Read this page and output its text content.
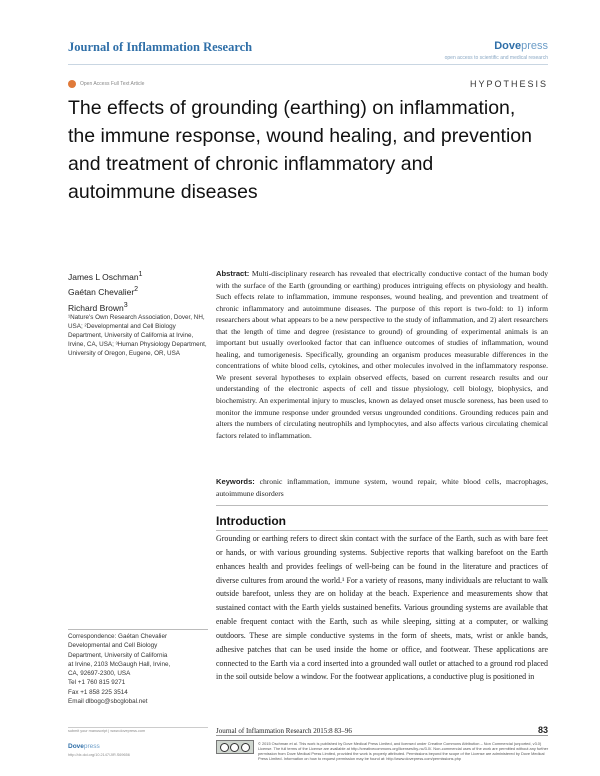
Journal of Inflammation Research	Dovepress
open access to scientific and medical research
Open Access Full Text Article	HYPOTHESIS
The effects of grounding (earthing) on inflammation, the immune response, wound healing, and prevention and treatment of chronic inflammatory and autoimmune diseases
James L Oschman$^1$
Gaétan Chevalier$^2$
Richard Brown$^3$
¹Nature's Own Research Association, Dover, NH, USA; ²Developmental and Cell Biology Department, University of California at Irvine, Irvine, CA, USA; ³Human Physiology Department, University of Oregon, Eugene, OR, USA
Abstract: Multi-disciplinary research has revealed that electrically conductive contact of the human body with the surface of the Earth (grounding or earthing) produces intriguing effects on physiology and health. Such effects relate to inflammation, immune responses, wound healing, and prevention and treatment of chronic inflammatory and autoimmune diseases. The purpose of this report is two-fold: to 1) inform researchers about what appears to be a new perspective to the study of inflammation, and 2) alert researchers that the length of time and degree (resistance to ground) of grounding of experimental animals is an important but usually overlooked factor that can influence outcomes of studies of inflammation, wound healing, and tumorigenesis. Specifically, grounding an organism produces measurable differences in the concentrations of white blood cells, cytokines, and other molecules involved in the inflammatory response. We present several hypotheses to explain observed effects, based on current research results and our understanding of the electronic aspects of cell and tissue physiology, cell biology, biophysics, and biochemistry. An experimental injury to muscles, known as delayed onset muscle soreness, has been used to monitor the immune response under grounded versus ungrounded conditions. Grounding reduces pain and alters the numbers of circulating neutrophils and lymphocytes, and also affects various circulating chemical factors related to inflammation.
Keywords: chronic inflammation, immune system, wound repair, white blood cells, macrophages, autoimmune disorders
Introduction
Grounding or earthing refers to direct skin contact with the surface of the Earth, such as with bare feet or hands, or with various grounding systems. Subjective reports that walking barefoot on the Earth enhances health and provides feelings of well-being can be found in the literature and practices of diverse cultures from around the world.¹ For a variety of reasons, many individuals are reluctant to walk outside barefoot, unless they are on holiday at the beach. Experience and measurements show that sustained contact with the Earth yields sustained benefits. Various grounding systems are available that enable frequent contact with the Earth, such as while sleeping, sitting at a computer, or walking outdoors. These are simple conductive systems in the form of sheets, mats, wrist or ankle bands, adhesive patches that can be used inside the home or office, and footwear. These applications are connected to the Earth via a cord inserted into a grounded wall outlet or attached to a ground rod placed in the soil outside below a window. For the footwear applications, a conductive plug is positioned in
Correspondence: Gaétan Chevalier
Developmental and Cell Biology
Department, University of California
at Irvine, 2103 McGaugh Hall, Irvine,
CA, 92697-2300, USA
Tel +1 760 815 9271
Fax +1 858 225 3514
Email dlbogc@sbcglobal.net
submit your manuscript | www.dovepress.com
Dovepress
http://dx.doi.org/10.2147/JIR.S69656
Journal of Inflammation Research 2015:8 83–96	83
© 2015 Oschman et al. This work is published by Dove Medical Press Limited, and licensed under Creative Commons Attribution – Non Commercial (unported, v3.0) License. The full terms of the License are available at http://creativecommons.org/licenses/by-nc/3.0/. Non-commercial uses of the work are permitted without any further permission from Dove Medical Press Limited, provided the work is properly attributed. Permissions beyond the scope of the License are administered by Dove Medical Press Limited. Information on how to request permission may be found at: http://www.dovepress.com/permissions.php
